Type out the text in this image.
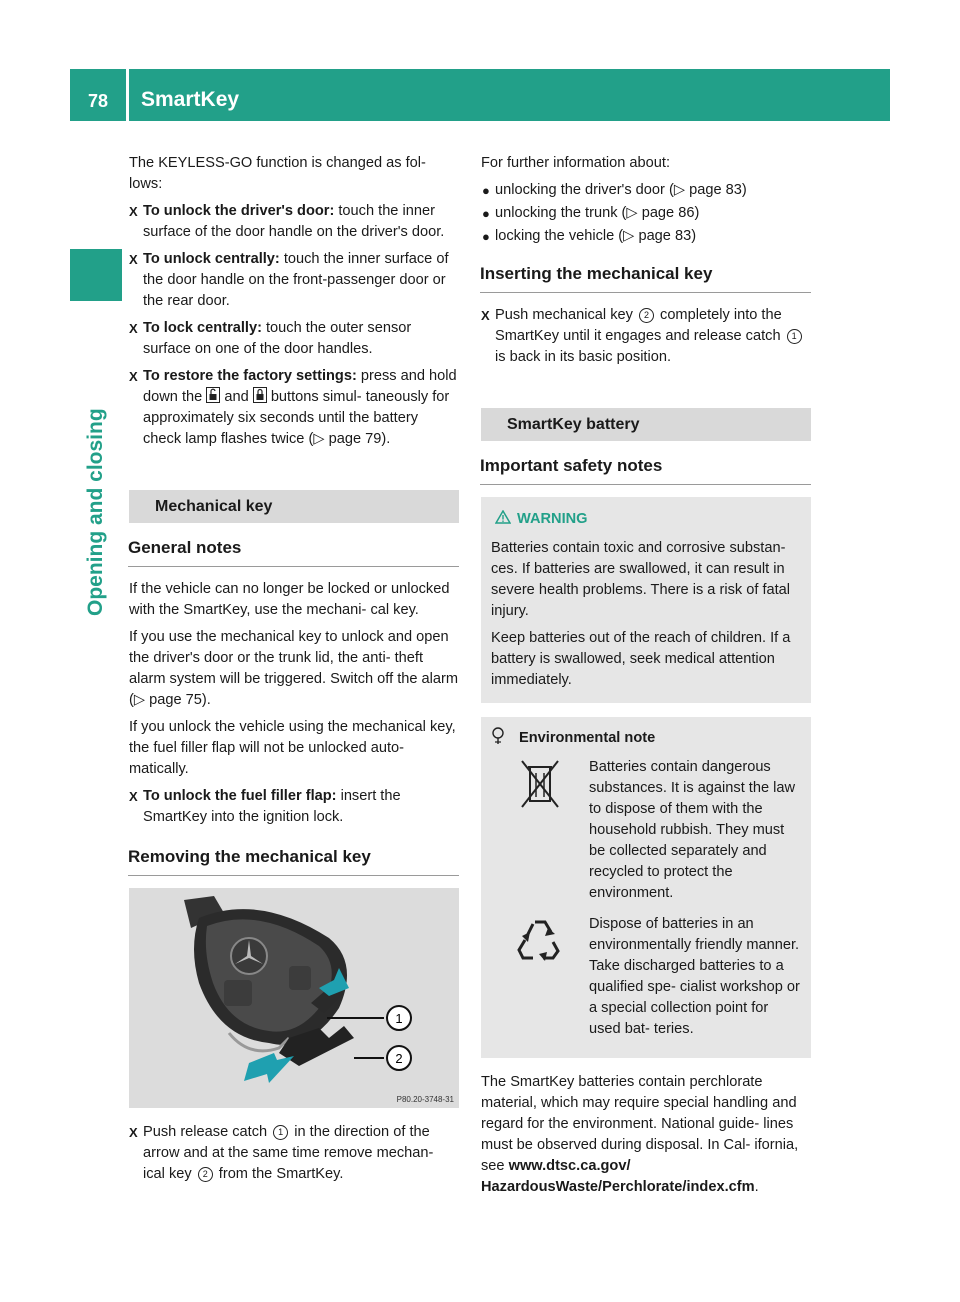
78	SmartKey
Opening and closing

The KEYLESS-GO function is changed as fol- lows:

X To unlock the driver's door: touch the inner surface of the door handle on the driver's door.
X To unlock centrally: touch the inner surface of the door handle on the front-passenger door or the rear door.
X To lock centrally: touch the outer sensor surface on one of the door handles.
X To restore the factory settings: press and hold down the  and  buttons simul- taneously for approximately six seconds until the battery check lamp flashes twice (▷ page 79).
Mechanical key
General notes

If the vehicle can no longer be locked or unlocked with the SmartKey, use the mechani- cal key.

If you use the mechanical key to unlock and open the driver's door or the trunk lid, the anti- theft alarm system will be triggered. Switch off the alarm (▷ page 75).

If you unlock the vehicle using the mechanical key, the fuel filler flap will not be unlocked auto- matically.

X To unlock the fuel filler flap: insert the SmartKey into the ignition lock.
Removing the mechanical key
1
2
P80.20-3748-31
X Push release catch 1 in the direction of the arrow and at the same time remove mechan- ical key 2 from the SmartKey.

For further information about:

● unlocking the driver's door (▷ page 83)
● unlocking the trunk (▷ page 86)
● locking the vehicle (▷ page 83)
Inserting the mechanical key
X Push mechanical key 2 completely into the SmartKey until it engages and release catch 1 is back in its basic position.
SmartKey battery
Important safety notes
WARNING

Batteries contain toxic and corrosive substan- ces. If batteries are swallowed, it can result in severe health problems. There is a risk of fatal injury.

Keep batteries out of the reach of children. If a battery is swallowed, seek medical attention immediately.

Environmental note
Batteries contain dangerous substances. It is against the law to dispose of them with the household rubbish. They must be collected separately and recycled to protect the environment.
Dispose of batteries in an environmentally friendly manner. Take discharged batteries to a qualified spe- cialist workshop or a special collection point for used bat- teries.

The SmartKey batteries contain perchlorate material, which may require special handling and regard for the environment. National guide- lines must be observed during disposal. In Cal- ifornia, see www.dtsc.ca.gov/ HazardousWaste/Perchlorate/index.cfm.
